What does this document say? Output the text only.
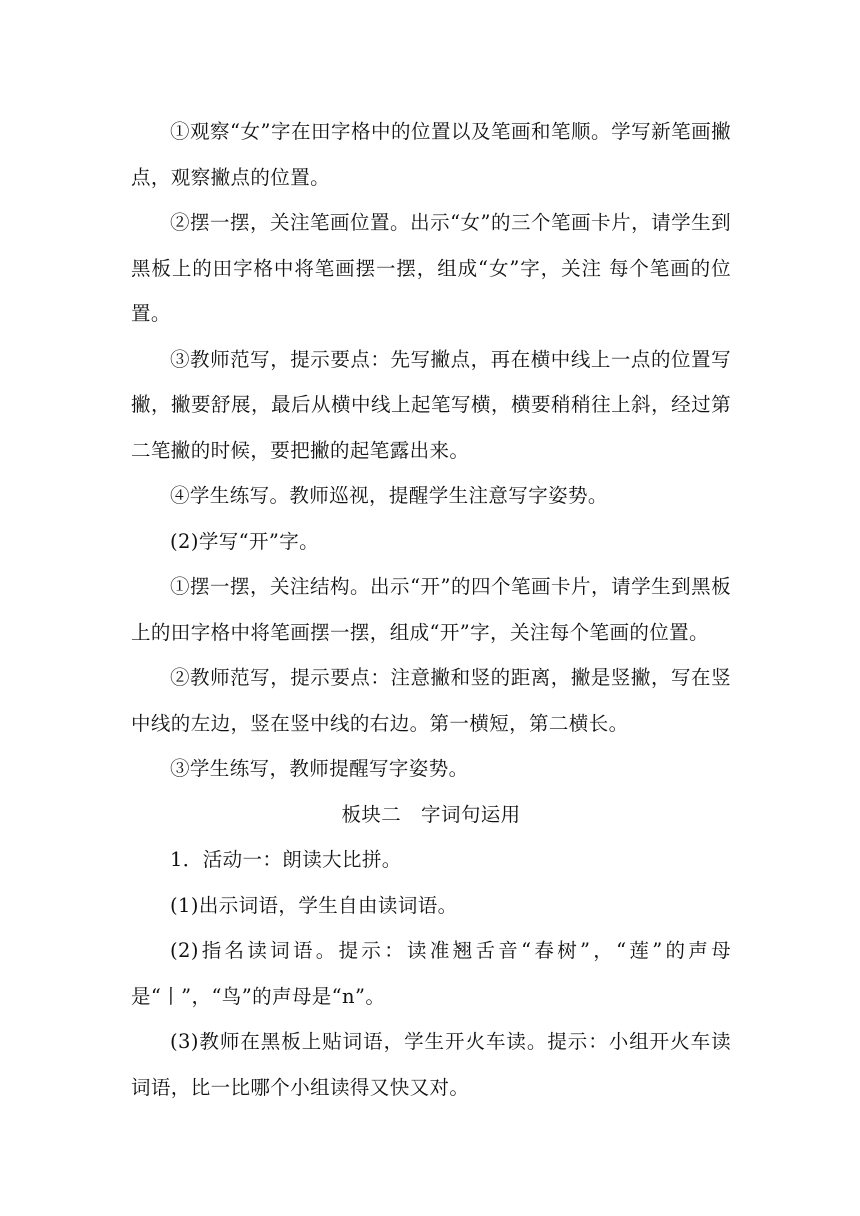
①观察“女”字在田字格中的位置以及笔画和笔顺。学写新笔画撇点，观察撇点的位置。

②摆一摆，关注笔画位置。出示“女”的三个笔画卡片，请学生到黑板上的田字格中将笔画摆一摆，组成“女”字，关注 每个笔画的位置。

③教师范写，提示要点：先写撇点，再在横中线上一点的位置写撇，撇要舒展，最后从横中线上起笔写横，横要稍稍往上斜，经过第二笔撇的时候，要把撇的起笔露出来。

④学生练写。教师巡视，提醒学生注意写字姿势。

(2)学写“开”字。

①摆一摆，关注结构。出示“开”的四个笔画卡片，请学生到黑板上的田字格中将笔画摆一摆，组成“开”字，关注每个笔画的位置。

②教师范写，提示要点：注意撇和竖的距离，撇是竖撇，写在竖中线的左边，竖在竖中线的右边。第一横短，第二横长。

③学生练写，教师提醒写字姿势。

板块二　字词句运用

1．活动一：朗读大比拼。

(1)出示词语，学生自由读词语。

(2)指名读词语。提示：读准翘舌音“春树”，“莲”的声母是“丨”，“鸟”的声母是“n”。

(3)教师在黑板上贴词语，学生开火车读。提示：小组开火车读词语，比一比哪个小组读得又快又对。
